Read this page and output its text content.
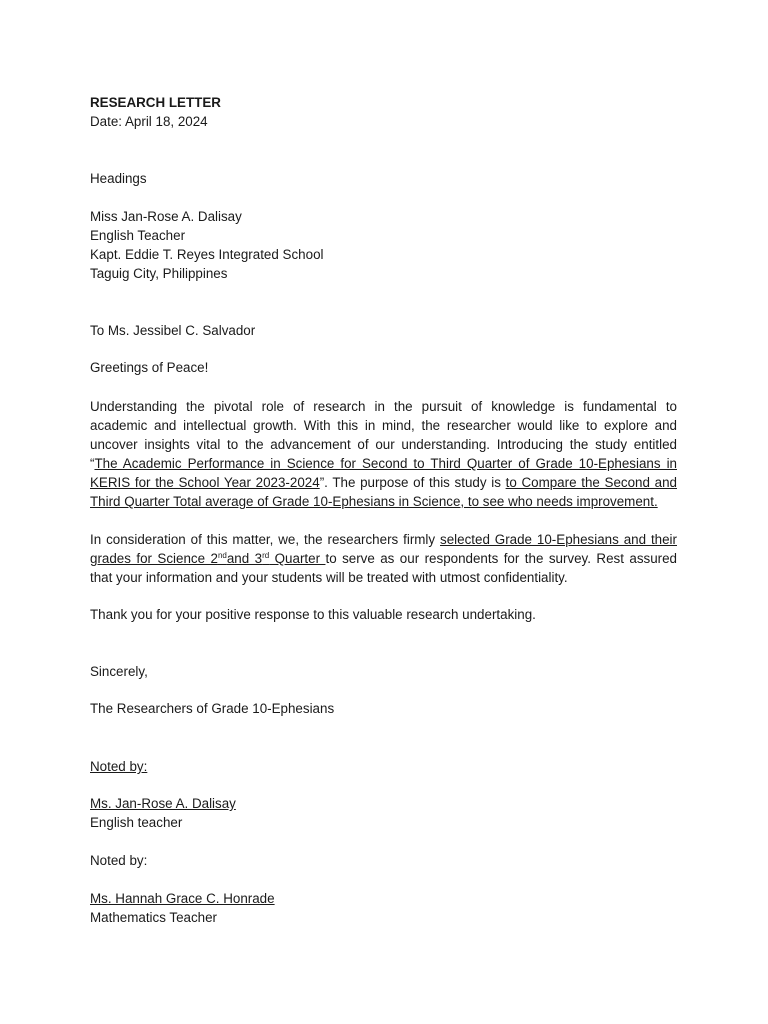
RESEARCH LETTER
Date: April 18, 2024
Headings
Miss Jan-Rose A. Dalisay
English Teacher
Kapt. Eddie T. Reyes Integrated School
Taguig City, Philippines
To Ms. Jessibel C. Salvador
Greetings of Peace!
Understanding the pivotal role of research in the pursuit of knowledge is fundamental to
academic and intellectual growth. With this in mind, the researcher would like to explore and
uncover insights vital to the advancement of our understanding. Introducing the study entitled
“The Academic Performance in Science for Second to Third Quarter of Grade 10-Ephesians in
KERIS for the School Year 2023-2024”. The purpose of this study is to Compare the Second and
Third Quarter Total average of Grade 10-Ephesians in Science, to see who needs improvement.
In consideration of this matter, we, the researchers firmly selected Grade 10-Ephesians and their
grades for Science 2ndand 3rd Quarter to serve as our respondents for the survey. Rest assured
that your information and your students will be treated with utmost confidentiality.
Thank you for your positive response to this valuable research undertaking.
Sincerely,
The Researchers of Grade 10-Ephesians
Noted by:
Ms. Jan-Rose A. Dalisay
English teacher
Noted by:
Ms. Hannah Grace C. Honrade
Mathematics Teacher
